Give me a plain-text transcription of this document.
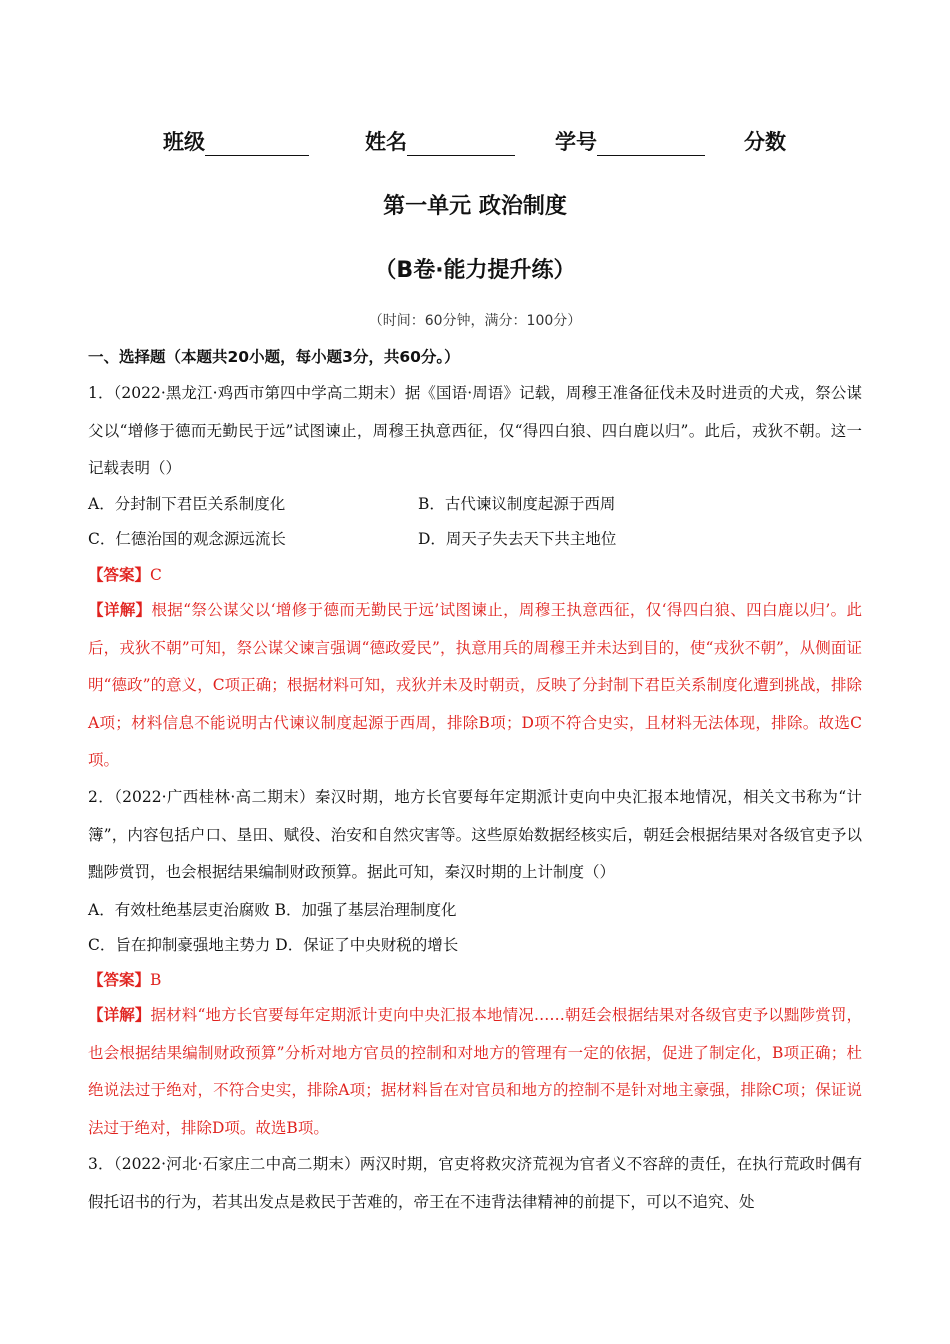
班级	姓名	学号	分数
第一单元 政治制度
（B卷·能力提升练）
（时间：60分钟，满分：100分）
一、选择题（本题共20小题，每小题3分，共60分。）

1．（2022·黑龙江·鸡西市第四中学高二期末）据《国语·周语》记载，周穆王准备征伐未及时进贡的犬戎，祭公谋父以“增修于德而无勤民于远”试图谏止，周穆王执意西征，仅“得四白狼、四白鹿以归”。此后，戎狄不朝。这一记载表明（）

A．分封制下君臣关系制度化	B．古代谏议制度起源于西周
C．仁德治国的观念源远流长	D．周天子失去天下共主地位
【答案】C

【详解】根据“祭公谋父以‘增修于德而无勤民于远’试图谏止，周穆王执意西征，仅‘得四白狼、四白鹿以归’。此后，戎狄不朝”可知，祭公谋父谏言强调“德政爱民”，执意用兵的周穆王并未达到目的，使“戎狄不朝”，从侧面证明“德政”的意义，C项正确；根据材料可知，戎狄并未及时朝贡，反映了分封制下君臣关系制度化遭到挑战，排除A项；材料信息不能说明古代谏议制度起源于西周，排除B项；D项不符合史实，且材料无法体现，排除。故选C项。

2．（2022·广西桂林·高二期末）秦汉时期，地方长官要每年定期派计吏向中央汇报本地情况，相关文书称为“计簿”，内容包括户口、垦田、赋役、治安和自然灾害等。这些原始数据经核实后，朝廷会根据结果对各级官吏予以黜陟赏罚，也会根据结果编制财政预算。据此可知，秦汉时期的上计制度（）

A．有效杜绝基层吏治腐败 B．加强了基层治理制度化
C．旨在抑制豪强地主势力 D．保证了中央财税的增长
【答案】B

【详解】据材料“地方长官要每年定期派计吏向中央汇报本地情况……朝廷会根据结果对各级官吏予以黜陟赏罚，也会根据结果编制财政预算”分析对地方官员的控制和对地方的管理有一定的依据，促进了制定化，B项正确；杜绝说法过于绝对，不符合史实，排除A项；据材料旨在对官员和地方的控制不是针对地主豪强，排除C项；保证说法过于绝对，排除D项。故选B项。

3．（2022·河北·石家庄二中高二期末）两汉时期，官吏将救灾济荒视为官者义不容辞的责任，在执行荒政时偶有假托诏书的行为，若其出发点是救民于苦难的，帝王在不违背法律精神的前提下，可以不追究、处
